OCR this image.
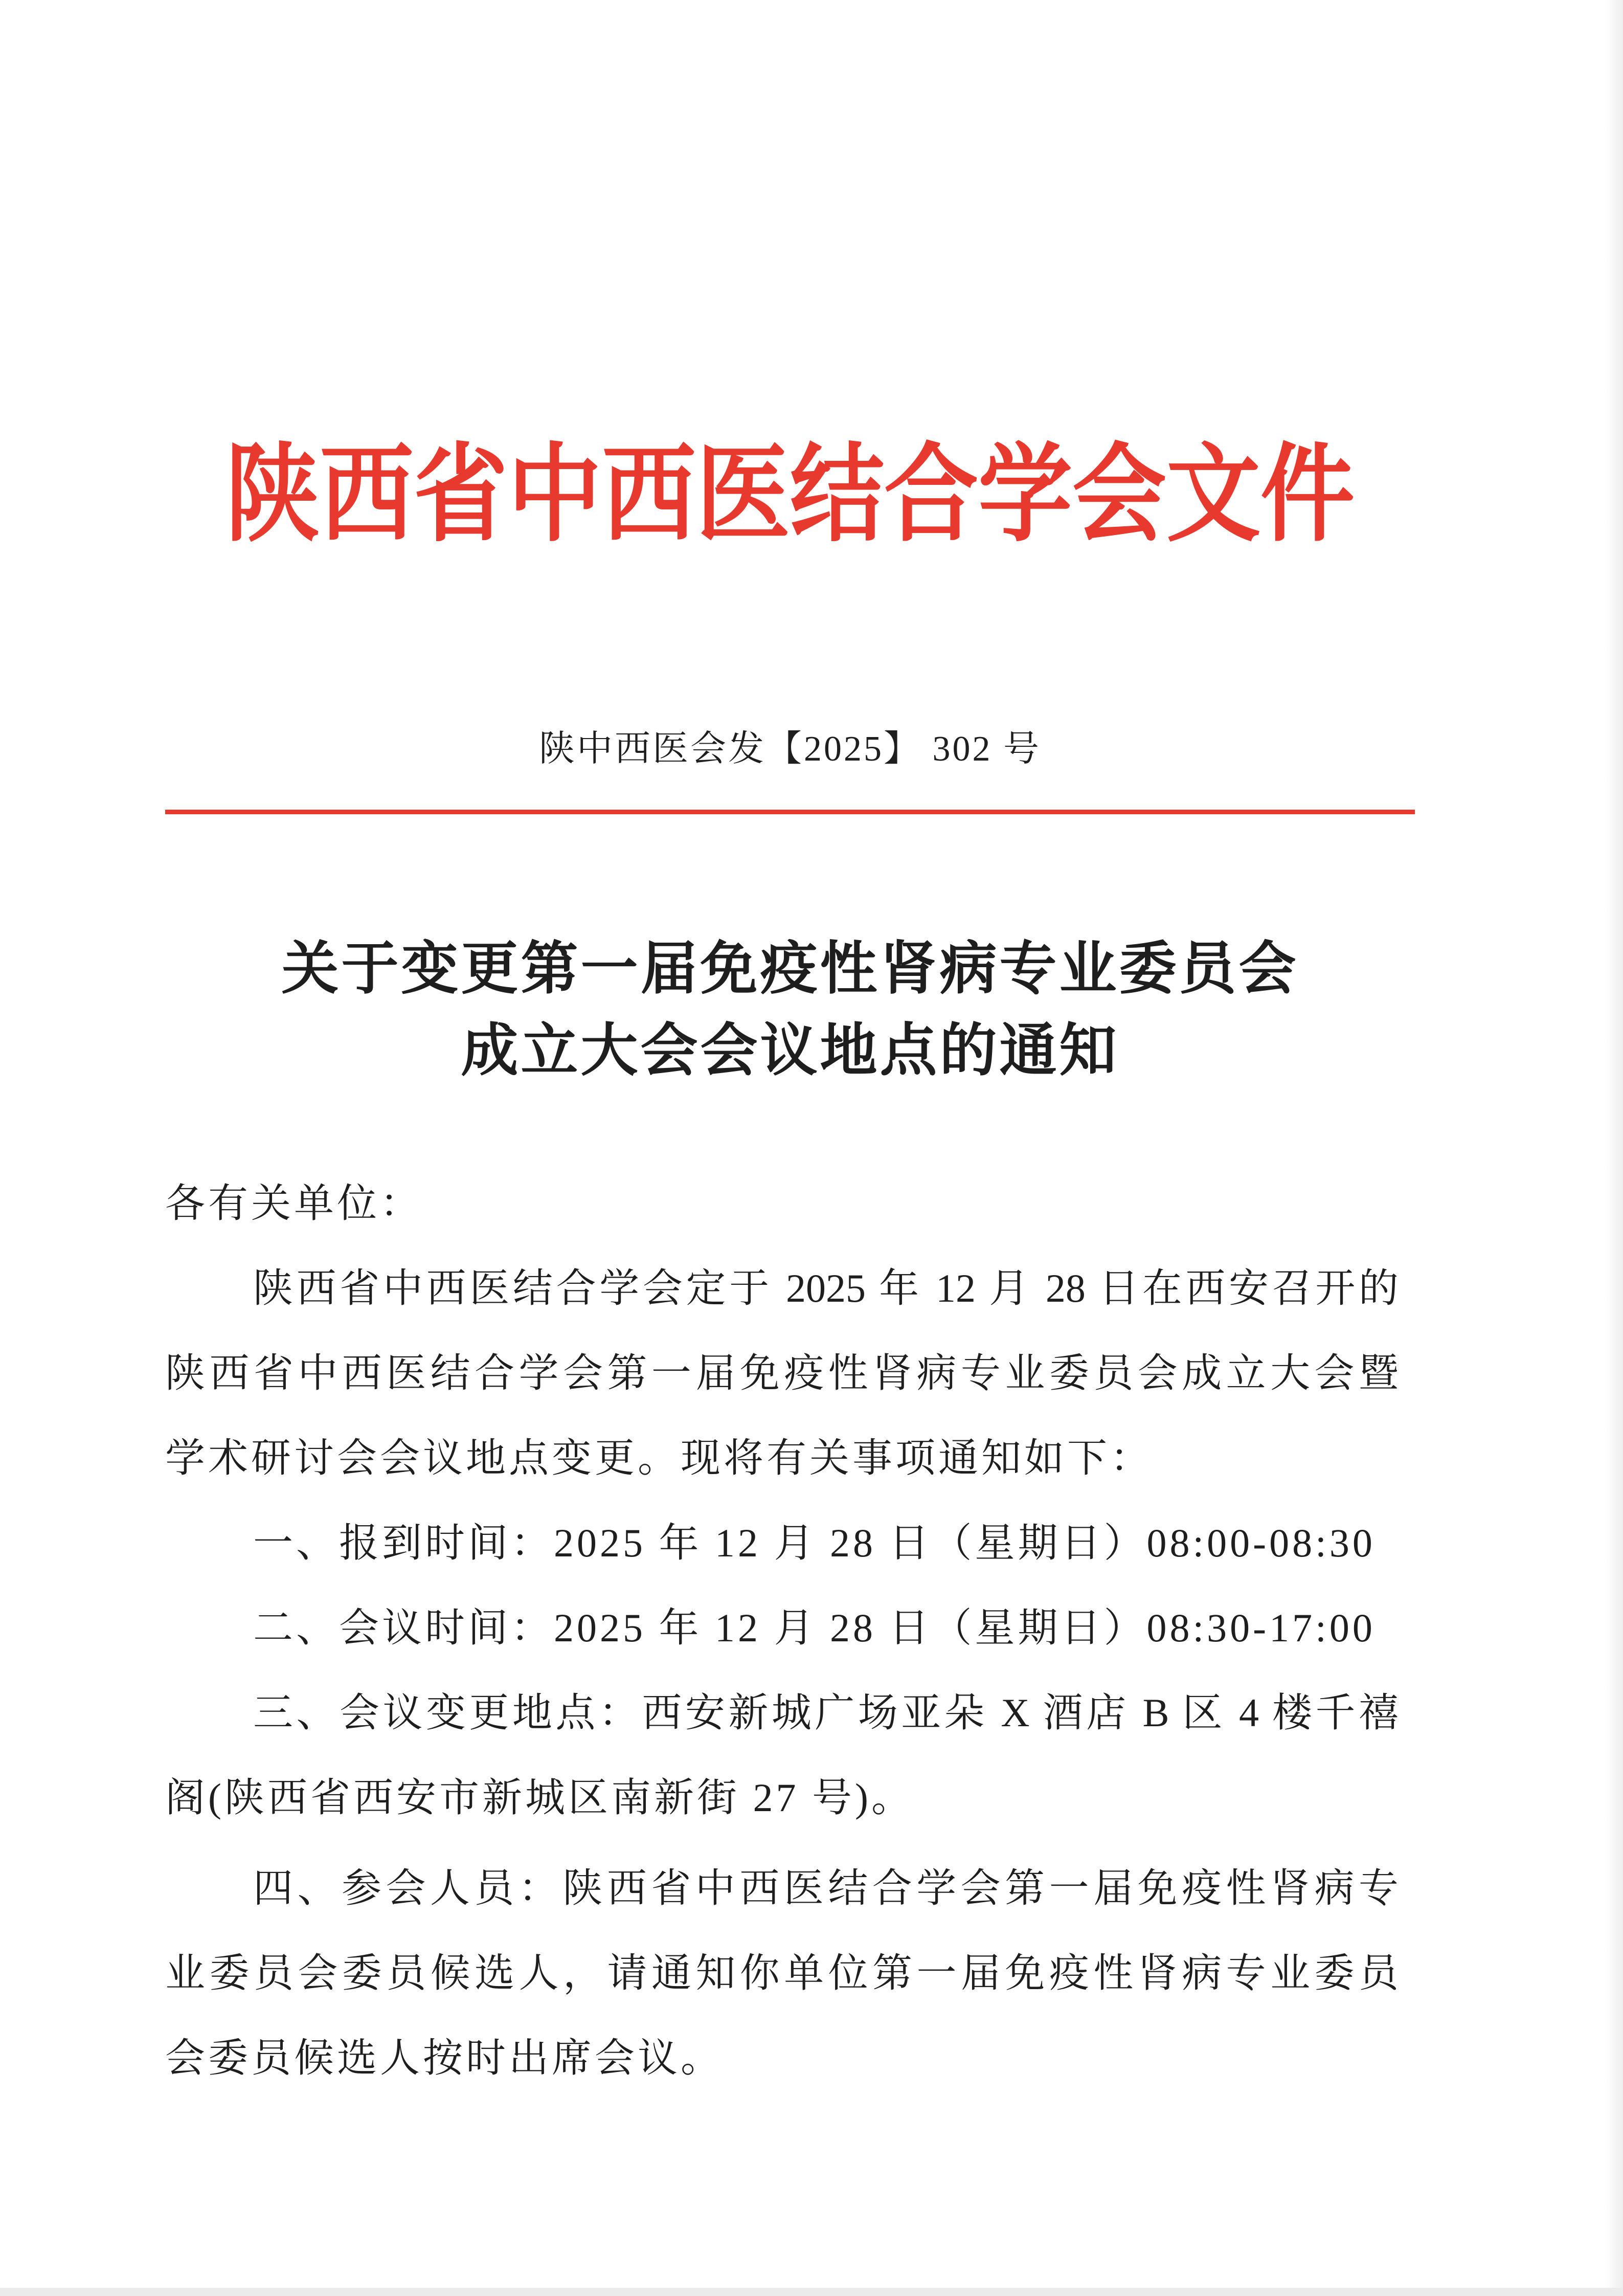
陕西省中西医结合学会文件
陕中西医会发【2025】 302 号
关于变更第一届免疫性肾病专业委员会
成立大会会议地点的通知
各有关单位：
陕西省中西医结合学会定于 2025 年 12 月 28 日在西安召开的
陕西省中西医结合学会第一届免疫性肾病专业委员会成立大会暨
学术研讨会会议地点变更。现将有关事项通知如下：
一、报到时间：2025 年 12 月 28 日（星期日）08:00-08:30
二、会议时间：2025 年 12 月 28 日（星期日）08:30-17:00
三、会议变更地点：西安新城广场亚朵 X 酒店 B 区 4 楼千禧
阁(陕西省西安市新城区南新街 27 号)。
四、参会人员：陕西省中西医结合学会第一届免疫性肾病专
业委员会委员候选人，请通知你单位第一届免疫性肾病专业委员
会委员候选人按时出席会议。
